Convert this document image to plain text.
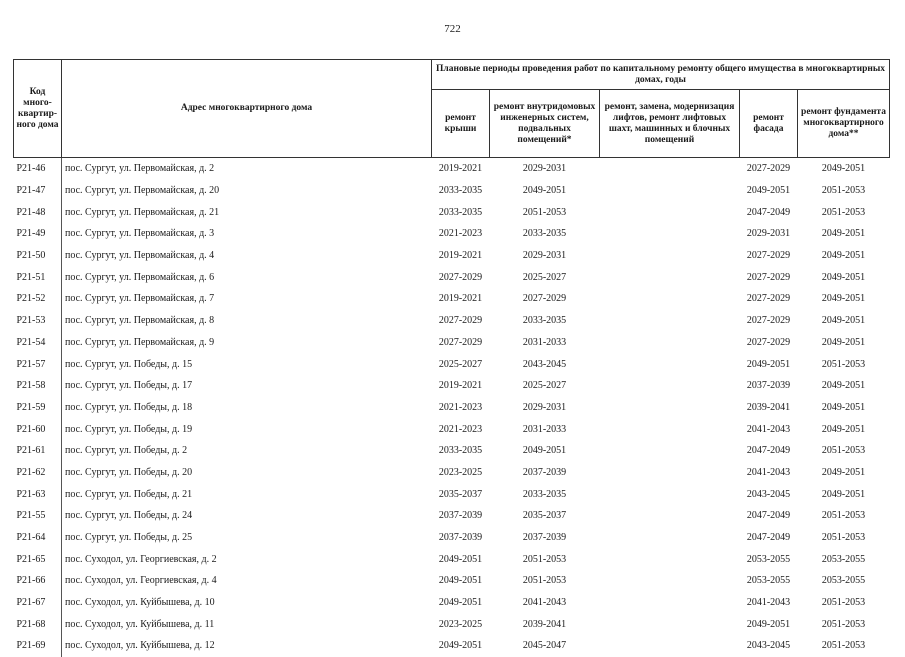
722
Код много-квартир-ного дома	Адрес многоквартирного дома	Плановые периоды проведения работ по капитальному ремонту общего имущества в многоквартирных домах, годы				
		ремонт крыши	ремонт внутридомовых инженерных систем, подвальных помещений*	ремонт, замена, модернизация лифтов, ремонт лифтовых шахт, машинных и блочных помещений	ремонт фасада	ремонт фундамента многоквартирного дома**
P21-46	пос. Сургут, ул. Первомайская, д. 2	2019-2021	2029-2031		2027-2029	2049-2051
P21-47	пос. Сургут, ул. Первомайская, д. 20	2033-2035	2049-2051		2049-2051	2051-2053
P21-48	пос. Сургут, ул. Первомайская, д. 21	2033-2035	2051-2053		2047-2049	2051-2053
P21-49	пос. Сургут, ул. Первомайская, д. 3	2021-2023	2033-2035		2029-2031	2049-2051
P21-50	пос. Сургут, ул. Первомайская, д. 4	2019-2021	2029-2031		2027-2029	2049-2051
P21-51	пос. Сургут, ул. Первомайская, д. 6	2027-2029	2025-2027		2027-2029	2049-2051
P21-52	пос. Сургут, ул. Первомайская, д. 7	2019-2021	2027-2029		2027-2029	2049-2051
P21-53	пос. Сургут, ул. Первомайская, д. 8	2027-2029	2033-2035		2027-2029	2049-2051
P21-54	пос. Сургут, ул. Первомайская, д. 9	2027-2029	2031-2033		2027-2029	2049-2051
P21-57	пос. Сургут, ул. Победы, д. 15	2025-2027	2043-2045		2049-2051	2051-2053
P21-58	пос. Сургут, ул. Победы, д. 17	2019-2021	2025-2027		2037-2039	2049-2051
P21-59	пос. Сургут, ул. Победы, д. 18	2021-2023	2029-2031		2039-2041	2049-2051
P21-60	пос. Сургут, ул. Победы, д. 19	2021-2023	2031-2033		2041-2043	2049-2051
P21-61	пос. Сургут, ул. Победы, д. 2	2033-2035	2049-2051		2047-2049	2051-2053
P21-62	пос. Сургут, ул. Победы, д. 20	2023-2025	2037-2039		2041-2043	2049-2051
P21-63	пос. Сургут, ул. Победы, д. 21	2035-2037	2033-2035		2043-2045	2049-2051
P21-55	пос. Сургут, ул. Победы, д. 24	2037-2039	2035-2037		2047-2049	2051-2053
P21-64	пос. Сургут, ул. Победы, д. 25	2037-2039	2037-2039		2047-2049	2051-2053
P21-65	пос. Суходол, ул. Георгиевская, д. 2	2049-2051	2051-2053		2053-2055	2053-2055
P21-66	пос. Суходол, ул. Георгиевская, д. 4	2049-2051	2051-2053		2053-2055	2053-2055
P21-67	пос. Суходол, ул. Куйбышева, д. 10	2049-2051	2041-2043		2041-2043	2051-2053
P21-68	пос. Суходол, ул. Куйбышева, д. 11	2023-2025	2039-2041		2049-2051	2051-2053
P21-69	пос. Суходол, ул. Куйбышева, д. 12	2049-2051	2045-2047		2043-2045	2051-2053
